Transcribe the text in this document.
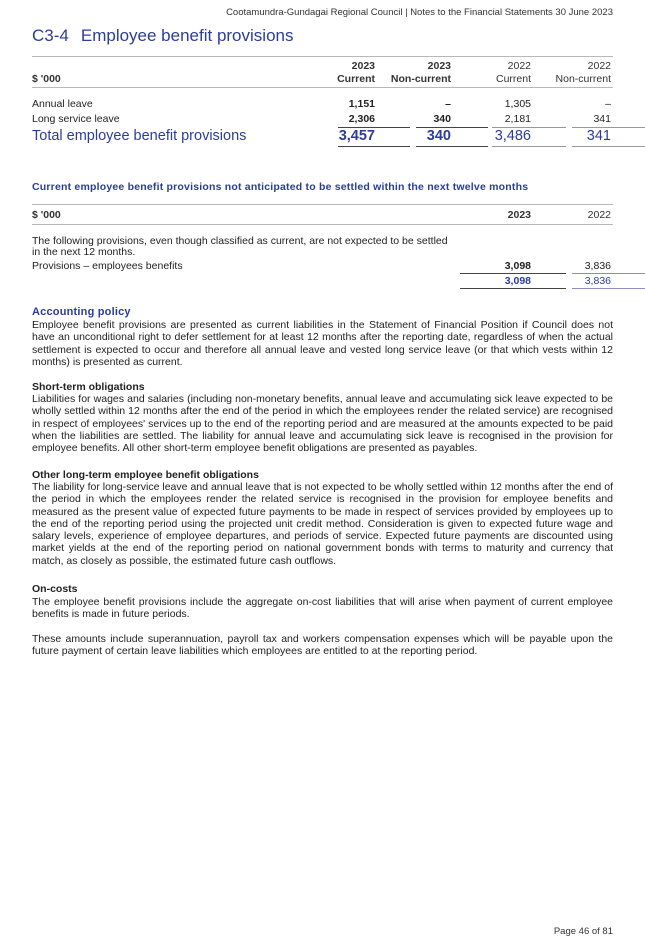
Cootamundra-Gundagai Regional Council | Notes to the Financial Statements 30 June 2023
C3-4 Employee benefit provisions
2023	2023	2022	2022
$ '000	Current	Non-current	Current	Non-current
Annual leave	1,151	–	1,305	–
Long service leave	2,306	340	2,181	341
Total employee benefit provisions	3,457	340	3,486	341
Current employee benefit provisions not anticipated to be settled within the next twelve months
$ '000	2023	2022
The following provisions, even though classified as current, are not expected to be settled
in the next 12 months.
Provisions – employees benefits	3,098	3,836
3,098	3,836
Accounting policy
Employee benefit provisions are presented as current liabilities in the Statement of Financial Position if Council does not have an unconditional right to defer settlement for at least 12 months after the reporting date, regardless of when the actual settlement is expected to occur and therefore all annual leave and vested long service leave (or that which vests within 12 months) is presented as current.
Short-term obligations
Liabilities for wages and salaries (including non-monetary benefits, annual leave and accumulating sick leave expected to be wholly settled within 12 months after the end of the period in which the employees render the related service) are recognised in respect of employees' services up to the end of the reporting period and are measured at the amounts expected to be paid when the liabilities are settled. The liability for annual leave and accumulating sick leave is recognised in the provision for employee benefits. All other short-term employee benefit obligations are presented as payables.
Other long-term employee benefit obligations
The liability for long-service leave and annual leave that is not expected to be wholly settled within 12 months after the end of the period in which the employees render the related service is recognised in the provision for employee benefits and measured as the present value of expected future payments to be made in respect of services provided by employees up to the end of the reporting period using the projected unit credit method. Consideration is given to expected future wage and salary levels, experience of employee departures, and periods of service. Expected future payments are discounted using market yields at the end of the reporting period on national government bonds with terms to maturity and currency that match, as closely as possible, the estimated future cash outflows.
On-costs
The employee benefit provisions include the aggregate on-cost liabilities that will arise when payment of current employee benefits is made in future periods.
These amounts include superannuation, payroll tax and workers compensation expenses which will be payable upon the future payment of certain leave liabilities which employees are entitled to at the reporting period.
Page 46 of 81
